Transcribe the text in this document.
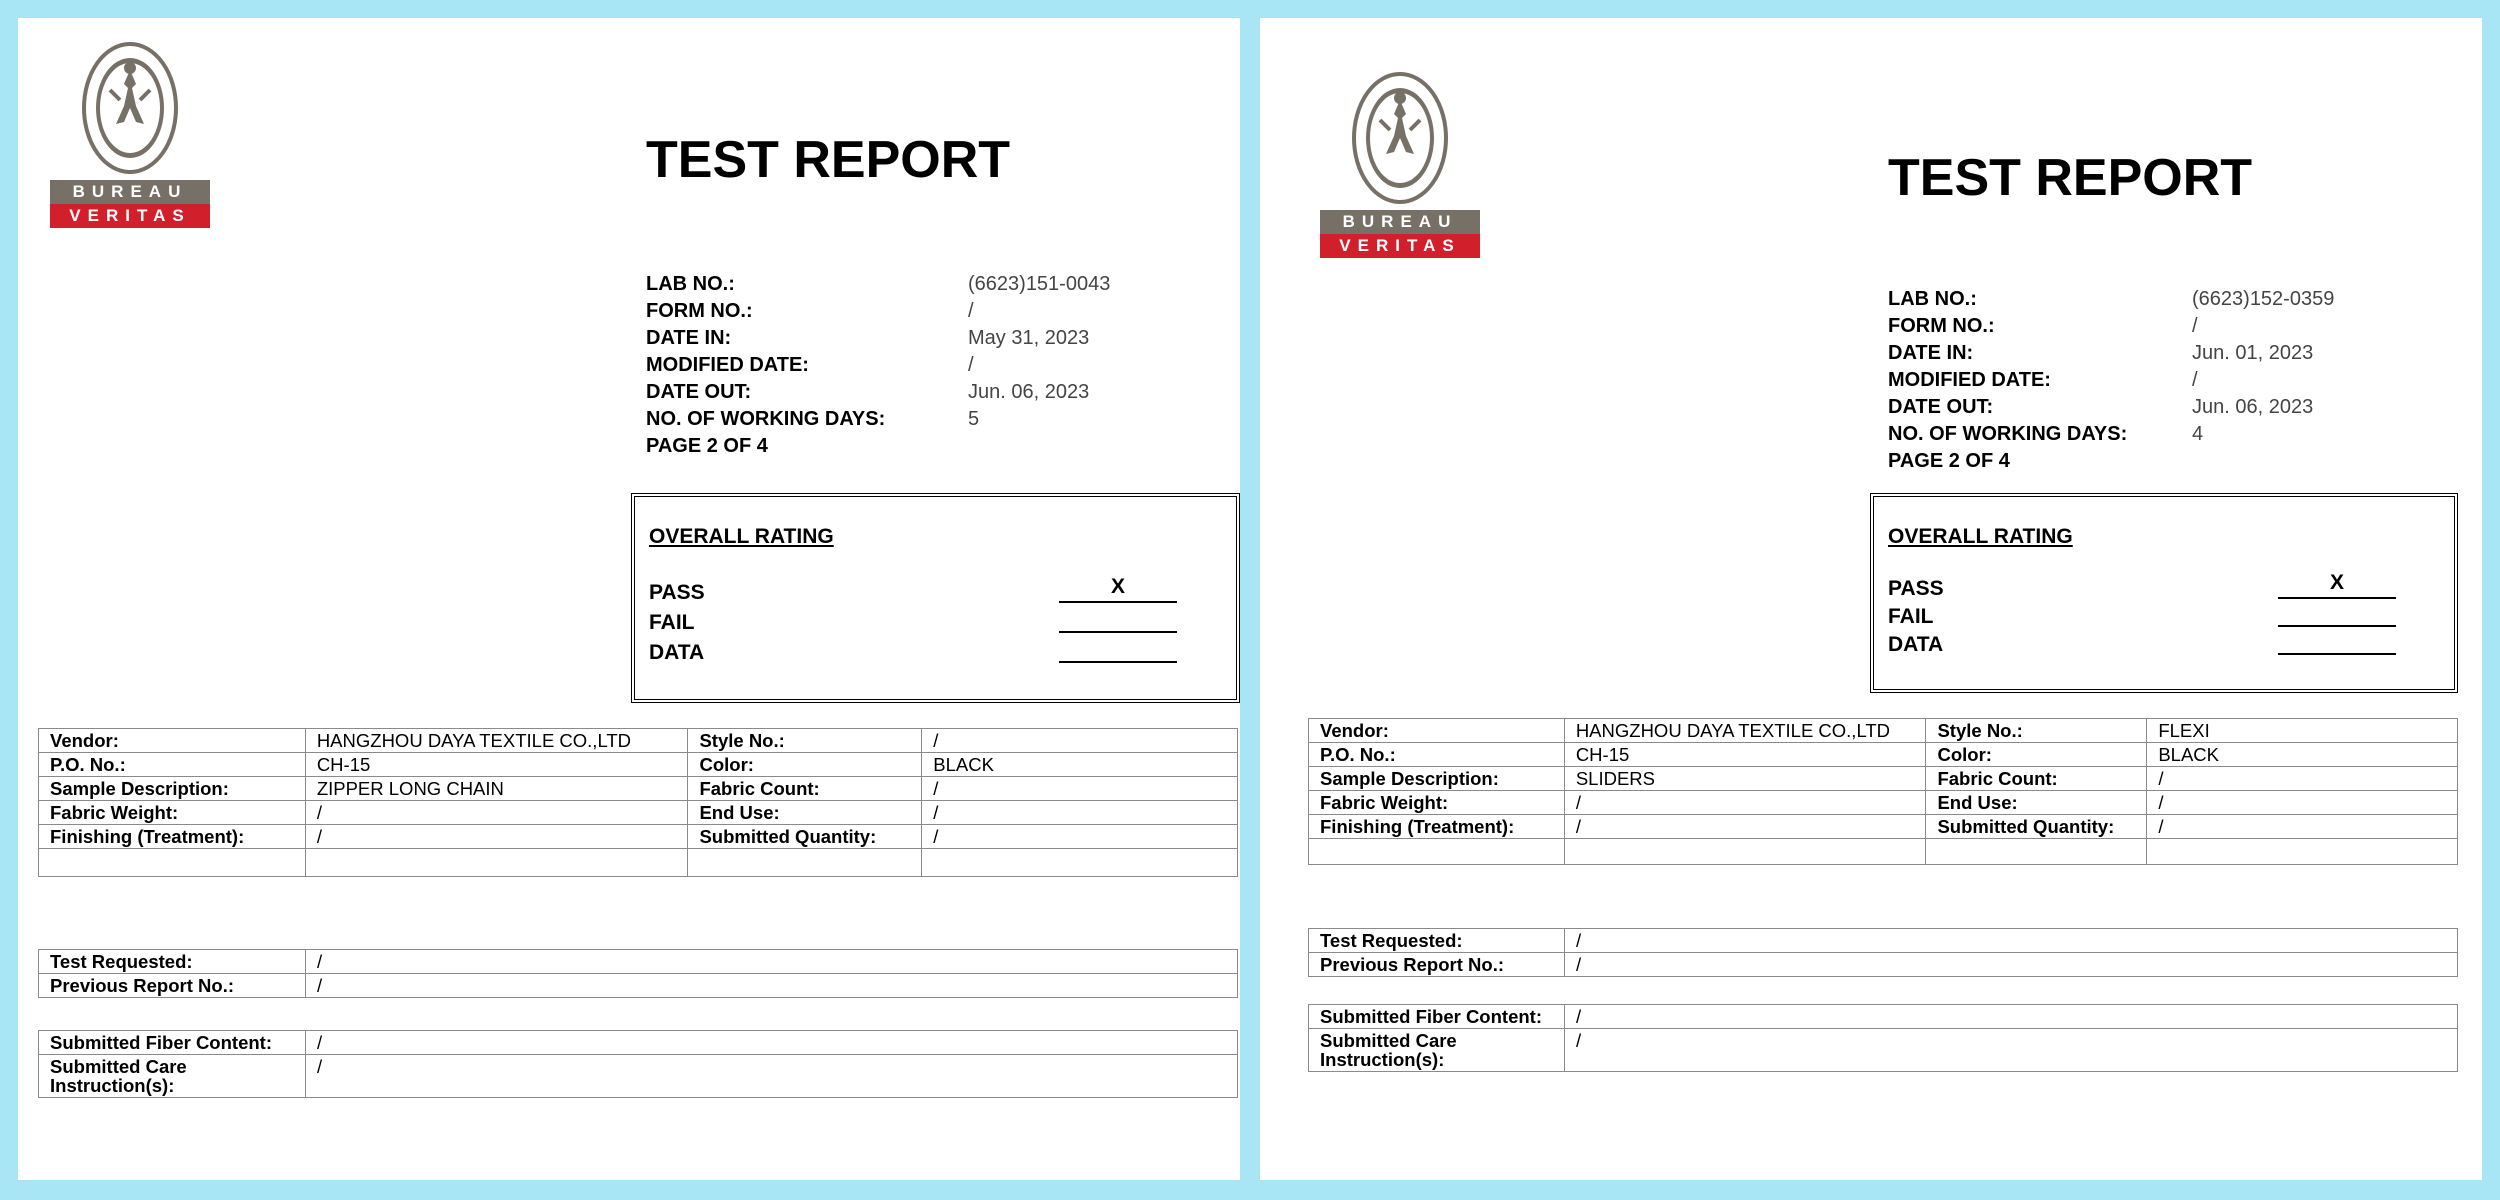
BUREAU
VERITAS
TEST REPORT
LAB NO.:	(6623)151-0043
FORM NO.:	/
DATE IN:	May 31, 2023
MODIFIED DATE:	/
DATE OUT:	Jun. 06, 2023
NO. OF WORKING DAYS:	5
PAGE 2 OF 4
OVERALL RATING
PASS	X
FAIL
DATA
Vendor:	HANGZHOU DAYA TEXTILE CO.,LTD	Style No.:	/
P.O. No.:	CH-15	Color:	BLACK
Sample Description:	ZIPPER LONG CHAIN	Fabric Count:	/
Fabric Weight:	/	End Use:	/
Finishing (Treatment):	/	Submitted Quantity:	/

Test Requested:	/
Previous Report No.:	/
Submitted Fiber Content:	/
Submitted Care Instruction(s):	/
BUREAU
VERITAS
TEST REPORT
LAB NO.:	(6623)152-0359
FORM NO.:	/
DATE IN:	Jun. 01, 2023
MODIFIED DATE:	/
DATE OUT:	Jun. 06, 2023
NO. OF WORKING DAYS:	4
PAGE 2 OF 4
OVERALL RATING
PASS	X
FAIL
DATA
Vendor:	HANGZHOU DAYA TEXTILE CO.,LTD	Style No.:	FLEXI
P.O. No.:	CH-15	Color:	BLACK
Sample Description:	SLIDERS	Fabric Count:	/
Fabric Weight:	/	End Use:	/
Finishing (Treatment):	/	Submitted Quantity:	/

Test Requested:	/
Previous Report No.:	/
Submitted Fiber Content:	/
Submitted Care Instruction(s):	/
